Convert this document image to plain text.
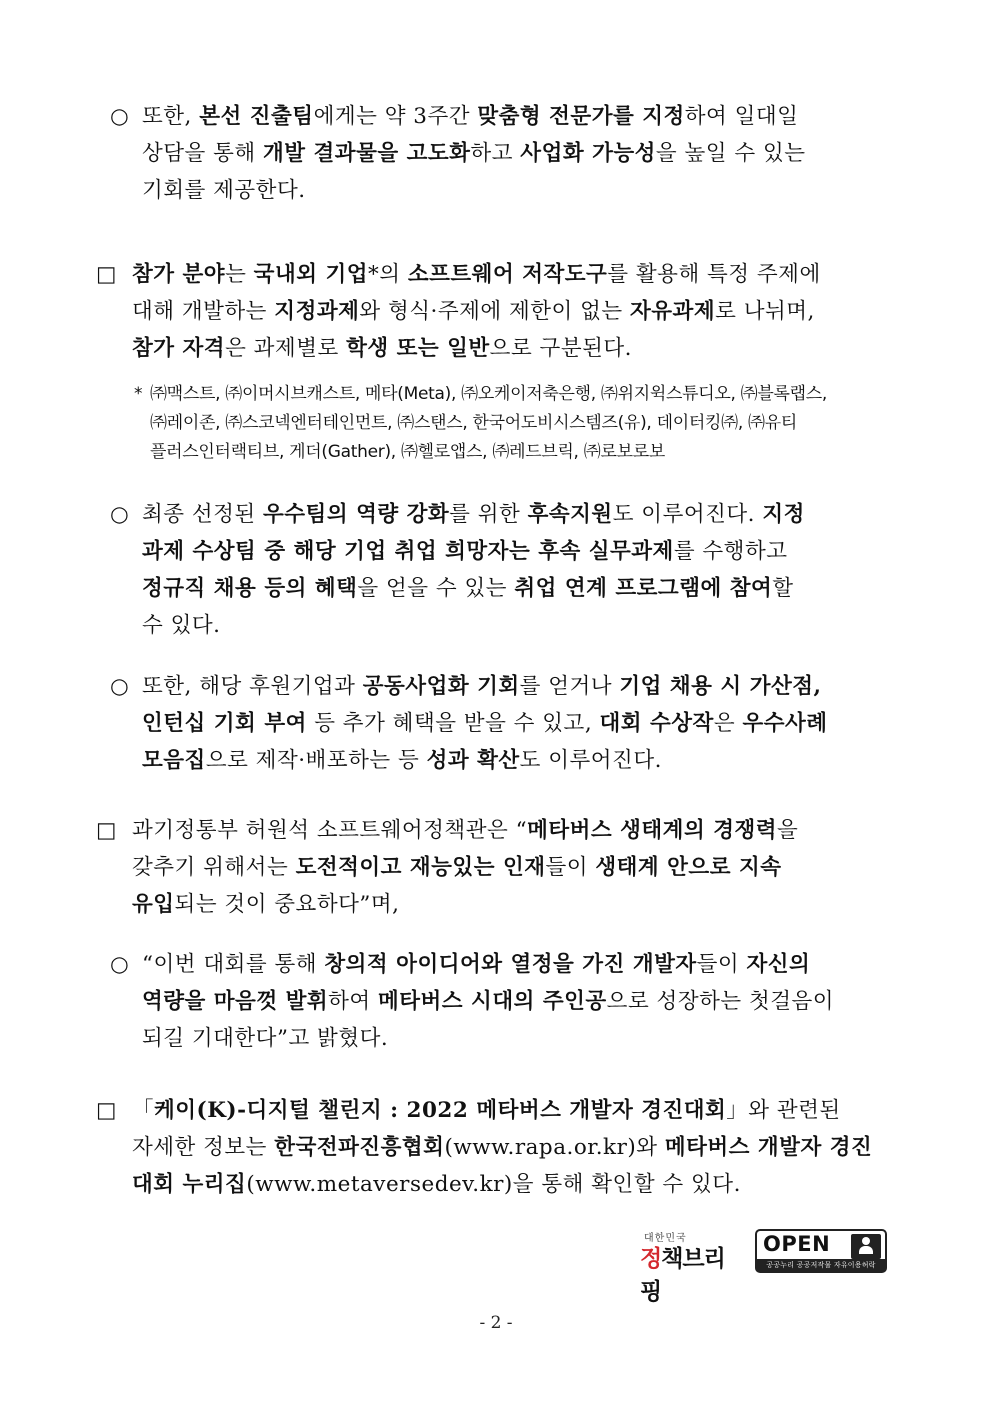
○ 또한, 본선 진출팀에게는 약 3주간 맞춤형 전문가를 지정하여 일대일
상담을 통해 개발 결과물을 고도화하고 사업화 가능성을 높일 수 있는
기회를 제공한다.
□ 참가 분야는 국내외 기업*의 소프트웨어 저작도구를 활용해 특정 주제에
대해 개발하는 지정과제와 형식·주제에 제한이 없는 자유과제로 나뉘며,
참가 자격은 과제별로 학생 또는 일반으로 구분된다.
* ㈜맥스트, ㈜이머시브캐스트, 메타(Meta), ㈜오케이저축은행, ㈜위지윅스튜디오, ㈜블록랩스,
㈜레이존, ㈜스코넥엔터테인먼트, ㈜스탠스, 한국어도비시스템즈(유), 데이터킹㈜, ㈜유티
플러스인터랙티브, 게더(Gather), ㈜헬로앱스, ㈜레드브릭, ㈜로보로보
○ 최종 선정된 우수팀의 역량 강화를 위한 후속지원도 이루어진다. 지정
과제 수상팀 중 해당 기업 취업 희망자는 후속 실무과제를 수행하고
정규직 채용 등의 혜택을 얻을 수 있는 취업 연계 프로그램에 참여할
수 있다.
○ 또한, 해당 후원기업과 공동사업화 기회를 얻거나 기업 채용 시 가산점,
인턴십 기회 부여 등 추가 혜택을 받을 수 있고, 대회 수상작은 우수사례
모음집으로 제작·배포하는 등 성과 확산도 이루어진다.
□ 과기정통부 허원석 소프트웨어정책관은 “메타버스 생태계의 경쟁력을
갖추기 위해서는 도전적이고 재능있는 인재들이 생태계 안으로 지속
유입되는 것이 중요하다”며,
○ “이번 대회를 통해 창의적 아이디어와 열정을 가진 개발자들이 자신의
역량을 마음껏 발휘하여 메타버스 시대의 주인공으로 성장하는 첫걸음이
되길 기대한다”고 밝혔다.
□ 「케이(K)-디지털 챌린지 : 2022 메타버스 개발자 경진대회」와 관련된
자세한 정보는 한국전파진흥협회(www.rapa.or.kr)와 메타버스 개발자 경진
대회 누리집(www.metaversedev.kr)을 통해 확인할 수 있다.
대한민국
정책브리핑
OPEN
공공누리 공공저작물 자유이용허락
- 2 -
